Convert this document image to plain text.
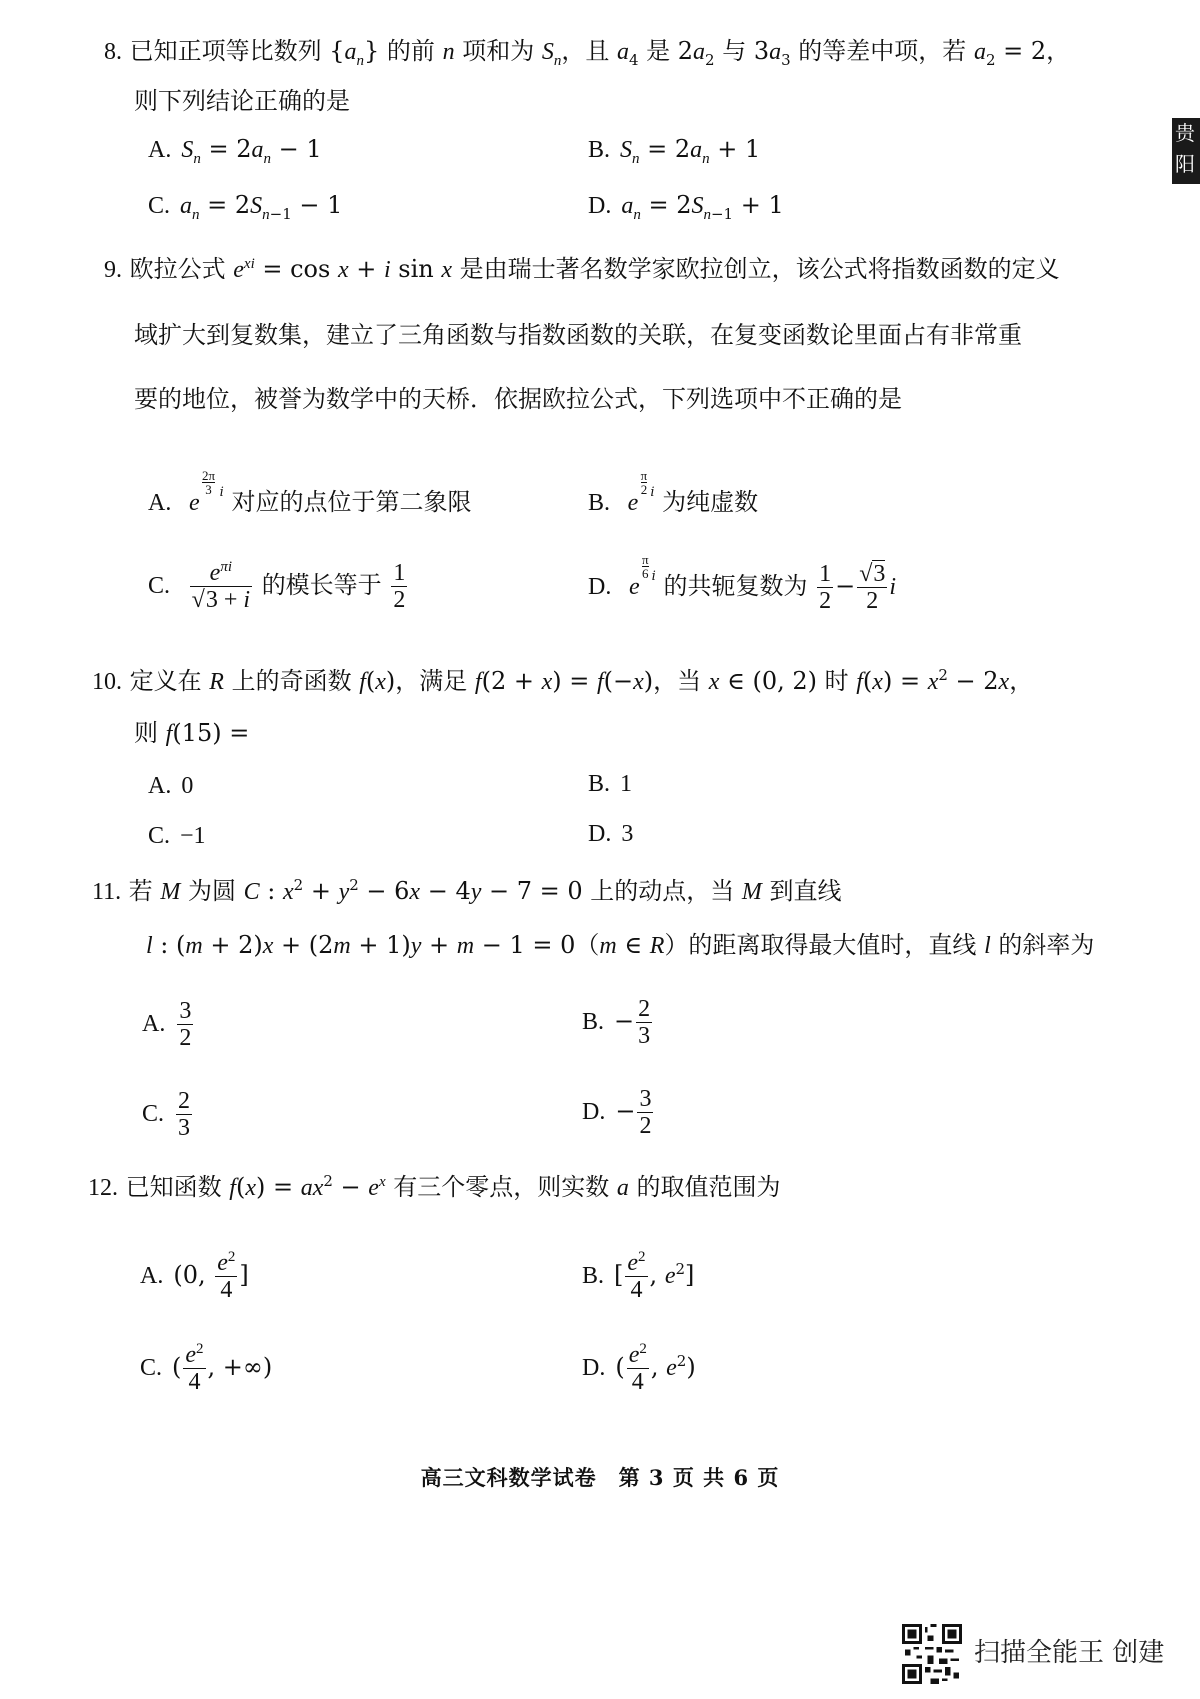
贵阳
高三
8. 已知正项等比数列 $\{a_n\}$ 的前 n 项和为 $S_n$，且 $a_4$ 是 $2a_2$ 与 $3a_3$ 的等差中项，若 $a_2 = 2$，
则下列结论正确的是
A. $S_n = 2a_n - 1$	B. $S_n = 2a_n + 1$
C. $a_n = 2S_{n-1} - 1$	D. $a_n = 2S_{n-1} + 1$
9. 欧拉公式 $e^{xi} = \cos x + i$ sin x 是由瑞士著名数学家欧拉创立，该公式将指数函数的定义
域扩大到复数集，建立了三角函数与指数函数的关联，在复变函数论里面占有非常重
要的地位，被誉为数学中的天桥．依据欧拉公式，下列选项中不正确的是
A. e
2π
3 $^i$ 对应的点位于第二象限	B. e
π
2 $^i$ 为纯虚数
C. $\frac{e^{\pi i}}{√3 + i}$ 的模长等于 $\frac{1}{2}$	D. e
π
6 $^i$ 的共轭复数为 $\frac{1}{2} - \frac{√3}{2}$ i
10. 定义在 R 上的奇函数 f(x)，满足 f(2 + x) = f(−x)，当 x ∈ (0, 2) 时 $f(x) = x^2 - 2x$，
则 f(15) =
A. 0	B. 1
C. −1	D. 3
11. 若 M 为圆 C : $x^2 + y^2 - 6x - 4y - 7 = 0$ 上的动点，当 M 到直线
l : (m + 2)x + (2m + 1)y + m − 1 = 0（m ∈ R）的距离取得最大值时，直线 l 的斜率为
A. $\frac{3}{2}$	B. − $\frac{2}{3}$
C. $\frac{2}{3}$	D. − $\frac{3}{2}$
12. 已知函数 $f(x) = ax^2 - e^x$ 有三个零点，则实数 a 的取值范围为
A. (0, $\frac{e^2}{4}$ ]	B. [ $\frac{e^2}{4}$ , $e^2$]
C. ( $\frac{e^2}{4}$ , +∞)	D. ( $\frac{e^2}{4}$ , $e^2$)
高三文科数学试卷　第 3 页 共 6 页
扫描全能王 创建
